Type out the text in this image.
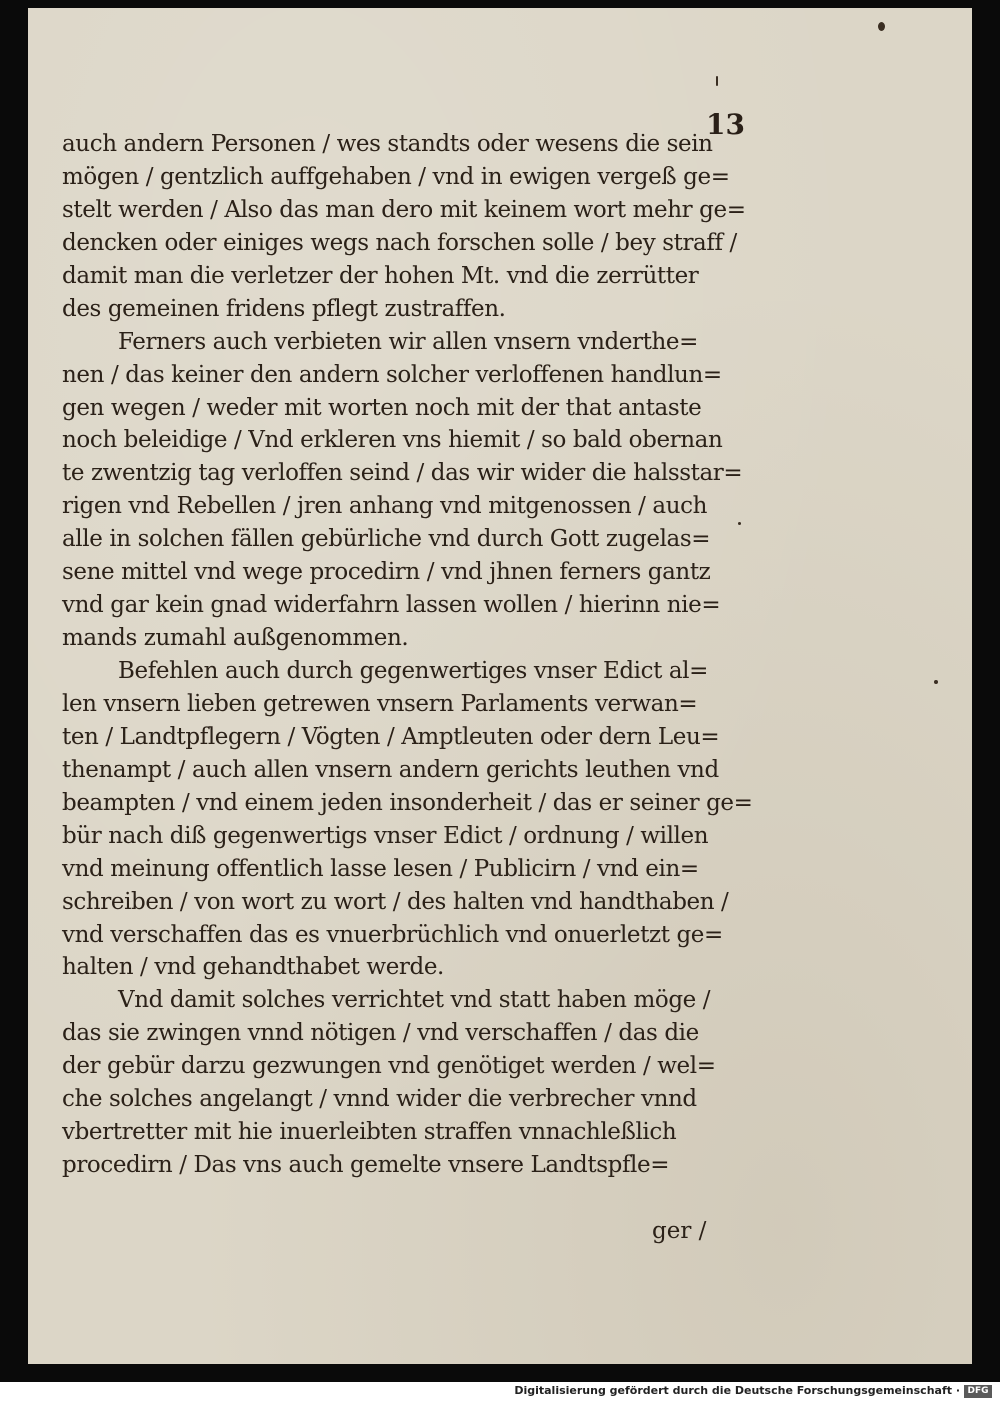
13
auch andern Personen / wes standts oder wesens die sein
mögen / gentzlich auffgehaben / vnd in ewigen vergeß ge=
stelt werden / Also das man dero mit keinem wort mehr ge=
dencken oder einiges wegs nach forschen solle / bey straff /
damit man die verletzer der hohen Mt. vnd die zerrütter
des gemeinen fridens pflegt zustraffen.
Ferners auch verbieten wir allen vnsern vnderthe=
nen / das keiner den andern solcher verloffenen handlun=
gen wegen / weder mit worten noch mit der that antaste
noch beleidige / Vnd erkleren vns hiemit / so bald obernan
te zwentzig tag verloffen seind / das wir wider die halsstar=
rigen vnd Rebellen / jren anhang vnd mitgenossen / auch
alle in solchen fällen gebürliche vnd durch Gott zugelas=
sene mittel vnd wege procedirn / vnd jhnen ferners gantz
vnd gar kein gnad widerfahrn lassen wollen / hierinn nie=
mands zumahl außgenommen.
Befehlen auch durch gegenwertiges vnser Edict al=
len vnsern lieben getrewen vnsern Parlaments verwan=
ten / Landtpflegern / Vögten / Amptleuten oder dern Leu=
thenampt / auch allen vnsern andern gerichts leuthen vnd
beampten / vnd einem jeden insonderheit / das er seiner ge=
bür nach diß gegenwertigs vnser Edict / ordnung / willen
vnd meinung offentlich lasse lesen / Publicirn / vnd ein=
schreiben / von wort zu wort / des halten vnd handthaben /
vnd verschaffen das es vnuerbrüchlich vnd onuerletzt ge=
halten / vnd gehandthabet werde.
Vnd damit solches verrichtet vnd statt haben möge /
das sie zwingen vnnd nötigen / vnd verschaffen / das die
der gebür darzu gezwungen vnd genötiget werden / wel=
che solches angelangt / vnnd wider die verbrecher vnnd
vbertretter mit hie inuerleibten straffen vnnachleßlich
procedirn / Das vns auch gemelte vnsere Landtspfle=
ger /
Digitalisierung gefördert durch die Deutsche Forschungsgemeinschaft · DFG
